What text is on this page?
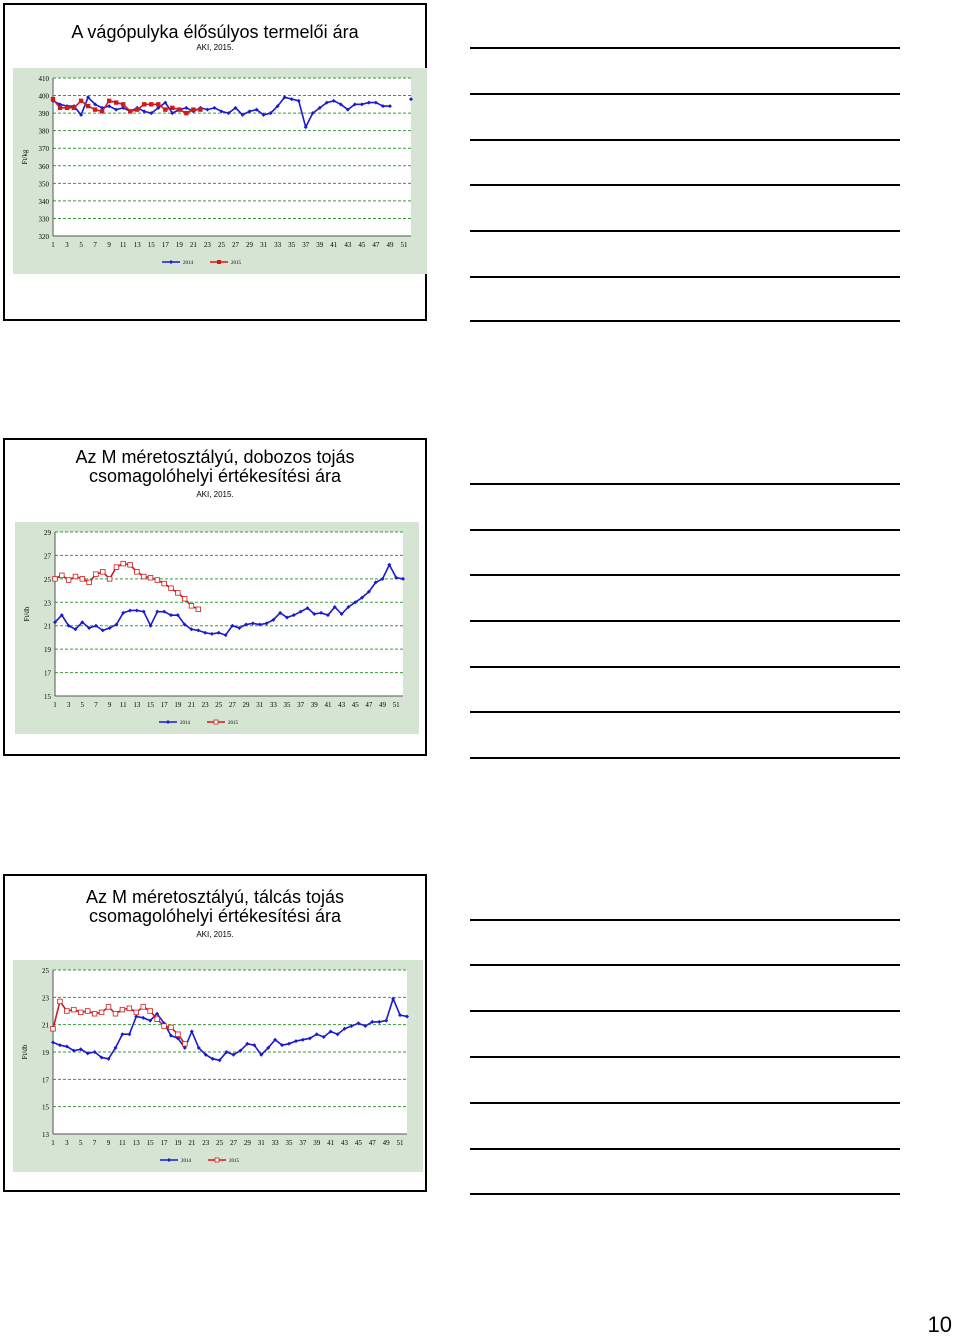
A vágópulyka élősúlyos termelői ára
AKI, 2015.
320
330
340
350
360
370
380
390
400
410
1 3 5 7 9 11 13 15 17 19 21 23 25 27 29 31 33 35 37 39 41 43 45 47 49 51
Ft/kg
2014	2015
Az M méretosztályú, dobozos tojás
csomagolóhelyi értékesítési ára
AKI, 2015.
15
17
19
21
23
25
27
29
1 3 5 7 9 11 13 15 17 19 21 23 25 27 29 31 33 35 37 39 41 43 45 47 49 51
Ft/db
2014	2015
Az M méretosztályú, tálcás tojás
csomagolóhelyi értékesítési ára
AKI, 2015.
13
15
17
19
21
23
25
1 3 5 7 9 11 13 15 17 19 21 23 25 27 29 31 33 35 37 39 41 43 45 47 49 51
Ft/db
2014	2015
10
